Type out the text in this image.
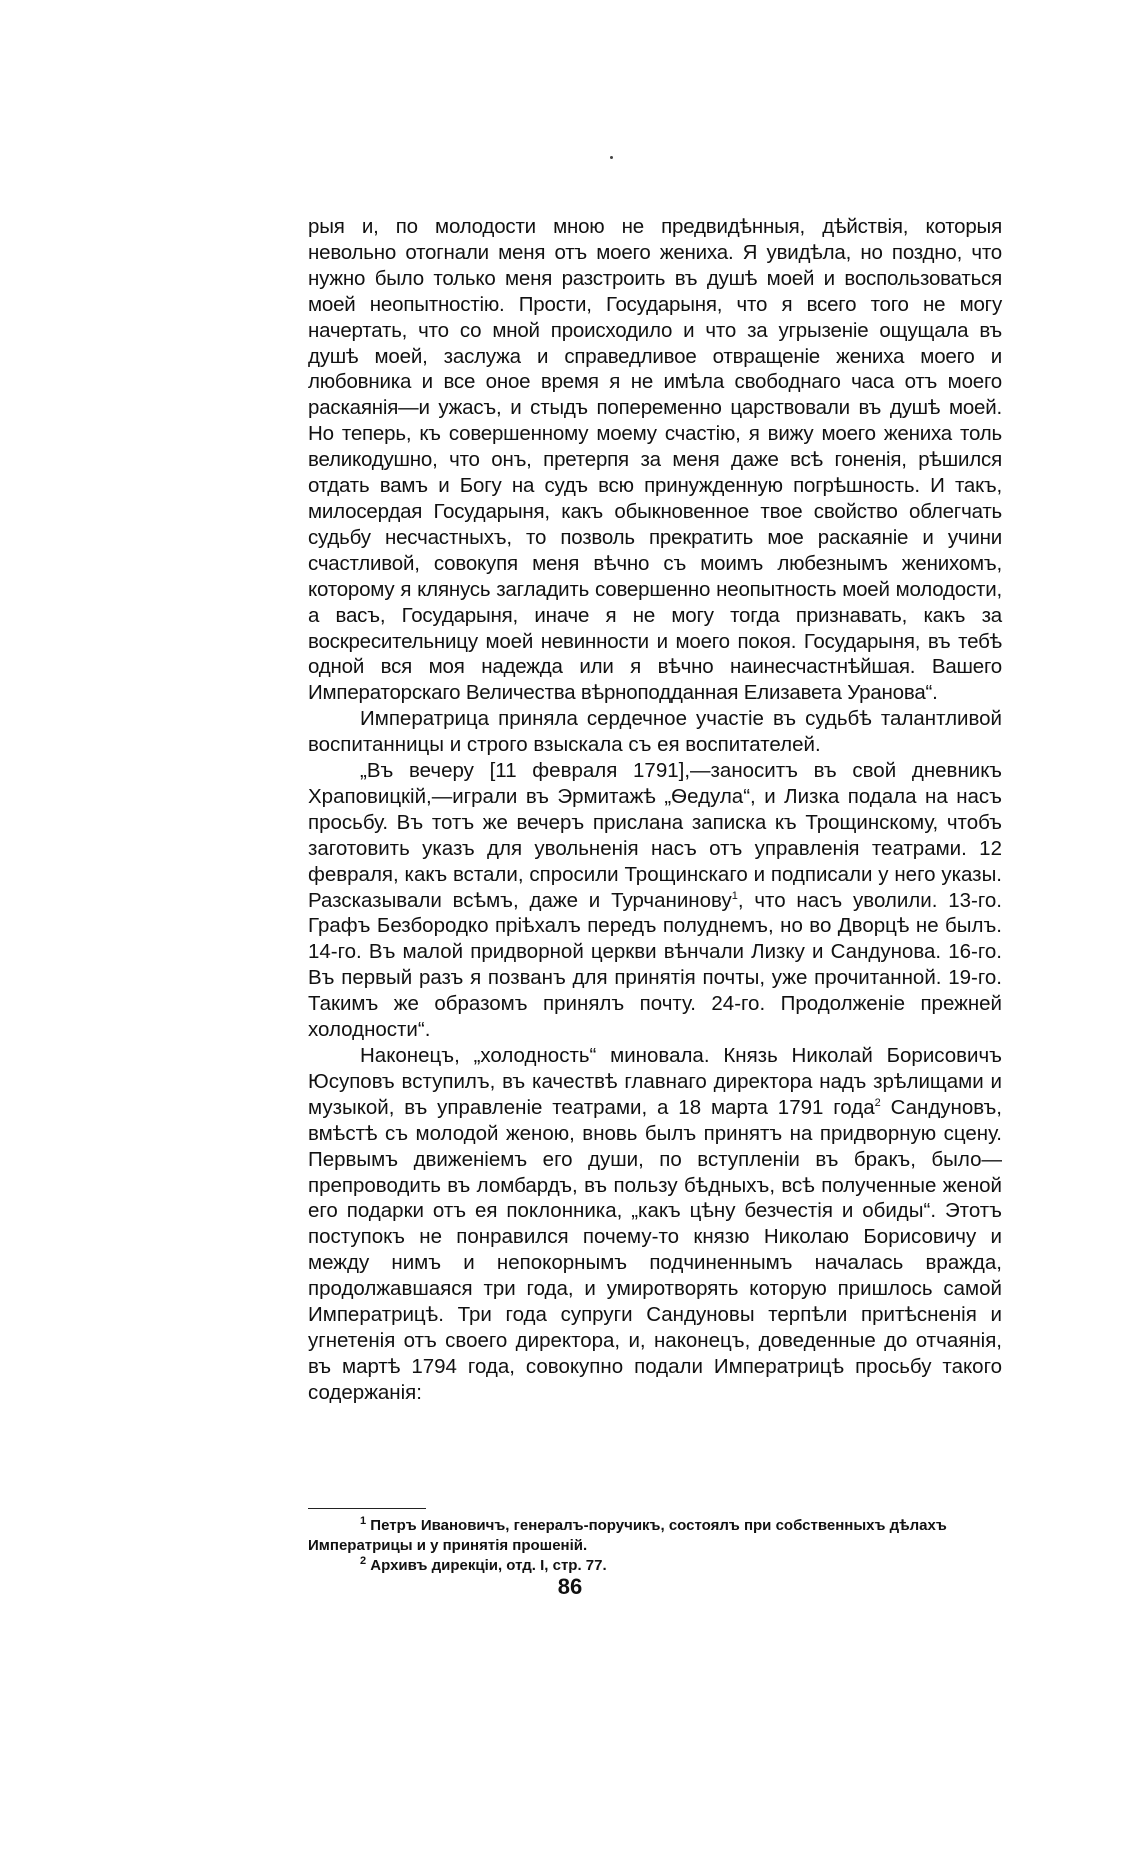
рыя и, по молодости мною не предвидѣнныя, дѣйствія, которыя невольно отогнали меня отъ моего жениха. Я увидѣла, но поздно, что нужно было только меня разстроить въ душѣ моей и воспользоваться моей неопытностію. Прости, Государыня, что я всего того не могу начертать, что со мной происходило и что за угрызеніе ощущала въ душѣ моей, заслужа и справедливое отвращеніе жениха моего и любовника и все оное время я не имѣла свободнаго часа отъ моего раскаянія—и ужасъ, и стыдъ попеременно царствовали въ душѣ моей. Но теперь, къ совершенному моему счастію, я вижу моего жениха толь великодушно, что онъ, претерпя за меня даже всѣ гоненія, рѣшился отдать вамъ и Богу на судъ всю принужденную погрѣшность. И такъ, милосердая Государыня, какъ обыкновенное твое свойство облегчать судьбу несчастныхъ, то позволь прекратить мое раскаяніе и учини счастливой, совокупя меня вѣчно съ моимъ любезнымъ женихомъ, которому я клянусь загладить совершенно неопытность моей молодости, а васъ, Государыня, иначе я не могу тогда признавать, какъ за воскресительницу моей невинности и моего покоя. Государыня, въ тебѣ одной вся моя надежда или я вѣчно наинесчастнѣйшая. Вашего Императорскаго Величества вѣрноподданная Елизавета Уранова“.

Императрица приняла сердечное участіе въ судьбѣ талантливой воспитанницы и строго взыскала съ ея воспитателей.

„Въ вечеру [11 февраля 1791],—заноситъ въ свой дневникъ Храповицкій,—играли въ Эрмитажѣ „Ѳедула“, и Лизка подала на насъ просьбу. Въ тотъ же вечеръ прислана записка къ Трощинскому, чтобъ заготовить указъ для увольненія насъ отъ управленія театрами. 12 февраля, какъ встали, спросили Трощинскаго и подписали у него указы. Разсказывали всѣмъ, даже и Турчанинову$^1$, что насъ уволили. 13-го. Графъ Безбородко пріѣхалъ передъ полуднемъ, но во Дворцѣ не былъ. 14-го. Въ малой придворной церкви вѣнчали Лизку и Сандунова. 16-го. Въ первый разъ я позванъ для принятія почты, уже прочитанной. 19-го. Такимъ же образомъ принялъ почту. 24-го. Продолженіе прежней холодности“.

Наконецъ, „холодность“ миновала. Князь Николай Борисовичъ Юсуповъ вступилъ, въ качествѣ главнаго директора надъ зрѣлищами и музыкой, въ управленіе театрами, а 18 марта 1791 года$^2$ Сандуновъ, вмѣстѣ съ молодой женою, вновь былъ принятъ на придворную сцену. Первымъ движеніемъ его души, по вступленіи въ бракъ, было—препроводить въ ломбардъ, въ пользу бѣдныхъ, всѣ полученные женой его подарки отъ ея поклонника, „какъ цѣну безчестія и обиды“. Этотъ поступокъ не понравился почему-то князю Николаю Борисовичу и между нимъ и непокорнымъ подчиненнымъ началась вражда, продолжавшаяся три года, и умиротворять которую пришлось самой Императрицѣ. Три года супруги Сандуновы терпѣли притѣсненія и угнетенія отъ своего директора, и, наконецъ, доведенные до отчаянія, въ мартѣ 1794 года, совокупно подали Императрицѣ просьбу такого содержанія:

$^1$ Петръ Ивановичъ, генералъ-поручикъ, состоялъ при собственныхъ дѣлахъ Императрицы и у принятія прошеній.

$^2$ Архивъ дирекціи, отд. I, стр. 77.

86
